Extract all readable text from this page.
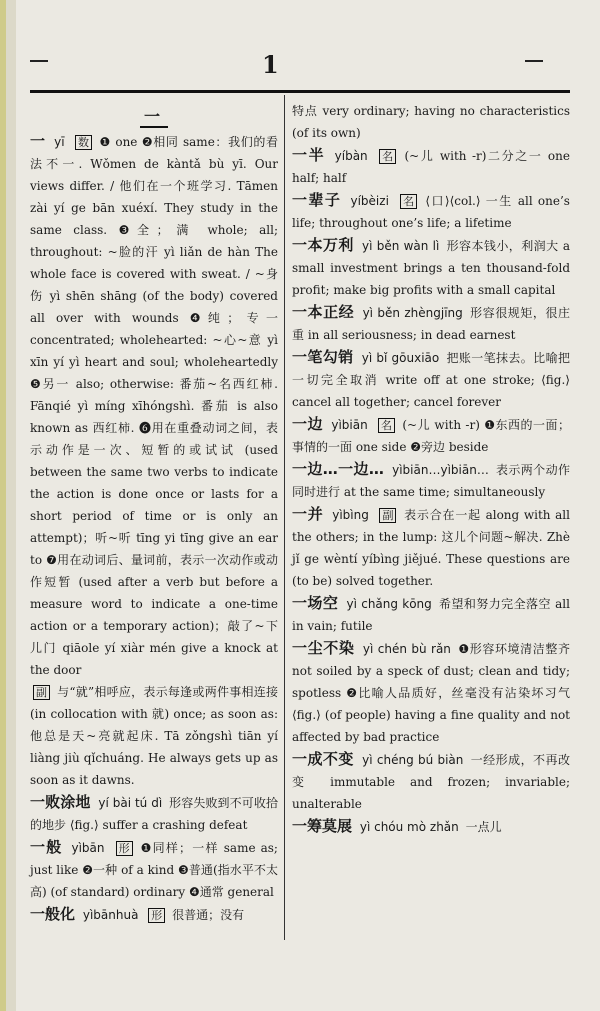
1
一

一 yī 数 ❶ one ❷相同 same：我们的看法不一. Wǒmen de kàntǎ bù yī. Our views differ. / 他们在一个班学习. Tāmen zài yí ge bān xuéxí. They study in the same class. ❸全；满 whole; all; throughout: ~脸的汗 yì liǎn de hàn The whole face is covered with sweat. / ~身伤 yì shēn shāng (of the body) covered all over with wounds ❹纯；专一 concentrated; wholehearted: ~心~意 yì xīn yí yì heart and soul; wholeheartedly ❺另一 also; otherwise: 番茄~名西红柿. Fānqié yì míng xīhóngshì. 番茄 is also known as 西红柿. ❻用在重叠动词之间，表示动作是一次、短暂的或试试 (used between the same two verbs to indicate the action is done once or lasts for a short period of time or is only an attempt)；听~听 tīng yi tīng give an ear to ❼用在动词后、量词前，表示一次动作或动作短暂 (used after a verb but before a measure word to indicate a one-time action or a temporary action)；敲了~下儿门 qiāole yí xiàr mén give a knock at the door

副 与“就”相呼应，表示每逢或两件事相连接 (in collocation with 就) once; as soon as: 他总是天~亮就起床. Tā zǒngshì tiān yí liàng jiù qǐchuáng. He always gets up as soon as it dawns.

一败涂地 yí bài tú dì 形容失败到不可收拾的地步 ⟨fig.⟩ suffer a crashing defeat

一般 yìbān 形 ❶同样；一样 same as; just like ❷一种 of a kind ❸普通(指水平不太高) (of standard) ordinary ❹通常 general

一般化 yìbānhuà 形 很普通；没有

特点 very ordinary; having no characteristics (of its own)

一半 yíbàn 名 (~儿 with -r)二分之一 one half; half

一辈子 yíbèizi 名 ⟨口⟩⟨col.⟩ 一生 all one’s life; throughout one’s life; a lifetime

一本万利 yì běn wàn lì 形容本钱小，利润大 a small investment brings a ten thousand-fold profit; make big profits with a small capital

一本正经 yì běn zhèngjīng 形容很规矩，很庄重 in all seriousness; in dead earnest

一笔勾销 yì bǐ gōuxiāo 把账一笔抹去。比喻把一切完全取消 write off at one stroke; ⟨fig.⟩ cancel all together; cancel forever

一边 yìbiān 名 (~儿 with -r) ❶东西的一面；事情的一面 one side ❷旁边 beside

一边…一边… yìbiān…yìbiān… 表示两个动作同时进行 at the same time; simultaneously

一并 yìbìng 副 表示合在一起 along with all the others; in the lump: 这儿个问题~解决. Zhè jǐ ge wèntí yíbìng jiějué. These questions are (to be) solved together.

一场空 yì chǎng kōng 希望和努力完全落空 all in vain; futile

一尘不染 yì chén bù rǎn ❶形容环境清洁整齐 not soiled by a speck of dust; clean and tidy; spotless ❷比喻人品质好，丝毫没有沾染坏习气 ⟨fig.⟩ (of people) having a fine quality and not affected by bad practice

一成不变 yì chéng bú biàn 一经形成，不再改变 immutable and frozen; invariable; unalterable

一筹莫展 yì chóu mò zhǎn 一点儿
